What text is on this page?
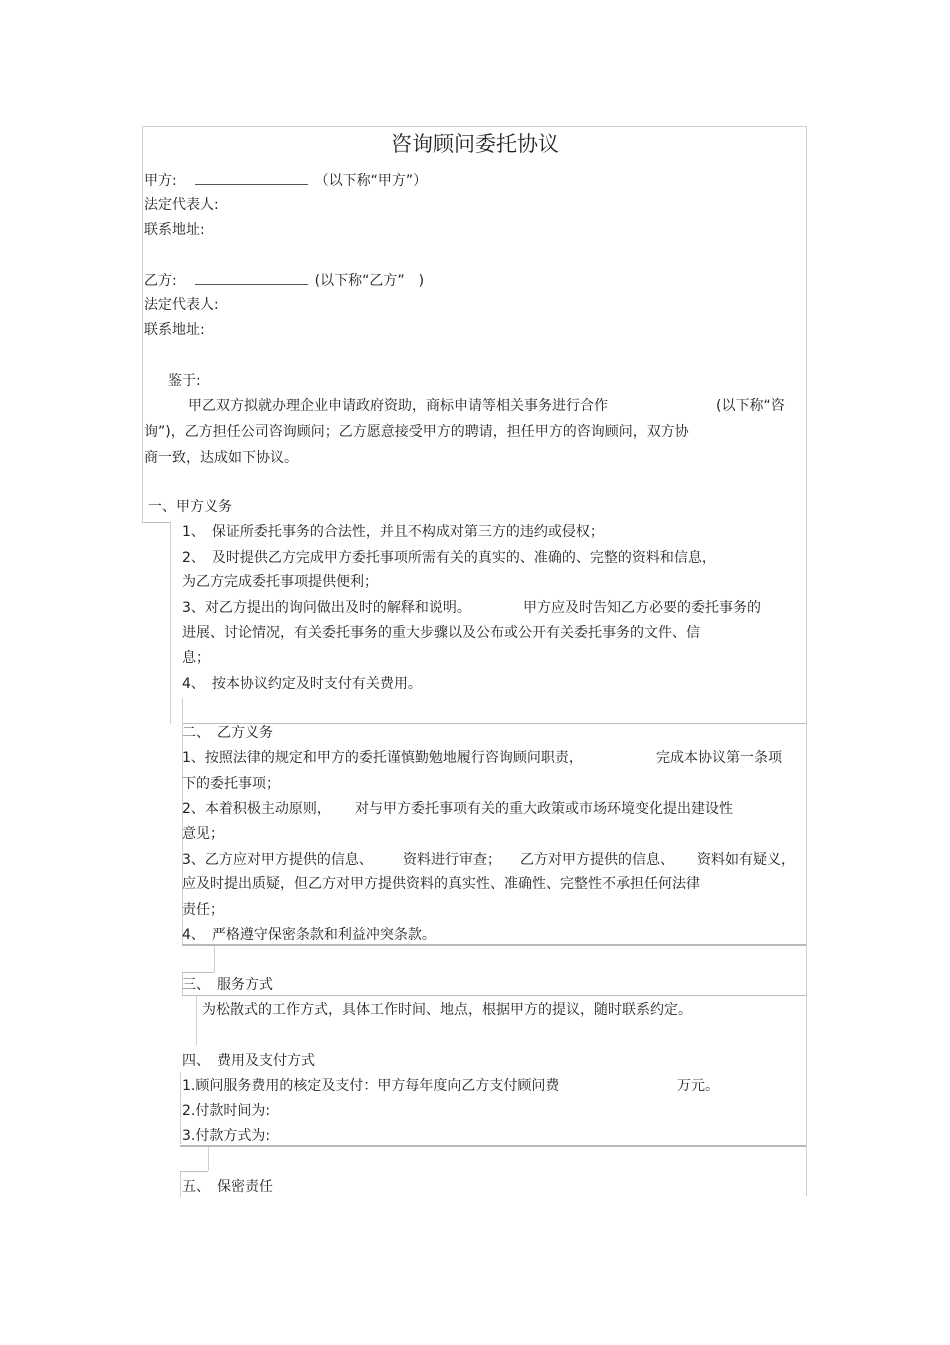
咨询顾问委托协议
甲方:	（以下称“甲方”）
法定代表人:
联系地址:
乙方:	(以下称“乙方”　)
法定代表人:
联系地址:
鉴于:
甲乙双方拟就办理企业申请政府资助，商标申请等相关事务进行合作	(以下称“咨
询”)，乙方担任公司咨询顾问；乙方愿意接受甲方的聘请，担任甲方的咨询顾问，双方协
商一致，达成如下协议。
一、甲方义务
1、　保证所委托事务的合法性，并且不构成对第三方的违约或侵权；
2、　及时提供乙方完成甲方委托事项所需有关的真实的、准确的、完整的资料和信息，
为乙方完成委托事项提供便利；
3、对乙方提出的询问做出及时的解释和说明。	甲方应及时告知乙方必要的委托事务的
进展、讨论情况，有关委托事务的重大步骤以及公布或公开有关委托事务的文件、信
息；
4、　按本协议约定及时支付有关费用。
二、　乙方义务
1、按照法律的规定和甲方的委托谨慎勤勉地履行咨询顾问职责，	完成本协议第一条项
下的委托事项；
2、本着积极主动原则， 对与甲方委托事项有关的重大政策或市场环境变化提出建设性
意见；
3、乙方应对甲方提供的信息、 资料进行审查； 乙方对甲方提供的信息、 资料如有疑义，
应及时提出质疑，但乙方对甲方提供资料的真实性、准确性、完整性不承担任何法律
责任；
4、　严格遵守保密条款和利益冲突条款。
三、　服务方式
为松散式的工作方式，具体工作时间、地点，根据甲方的提议，随时联系约定。
四、　费用及支付方式
1.顾问服务费用的核定及支付：甲方每年度向乙方支付顾问费	万元。
2.付款时间为:
3.付款方式为:
五、　保密责任
